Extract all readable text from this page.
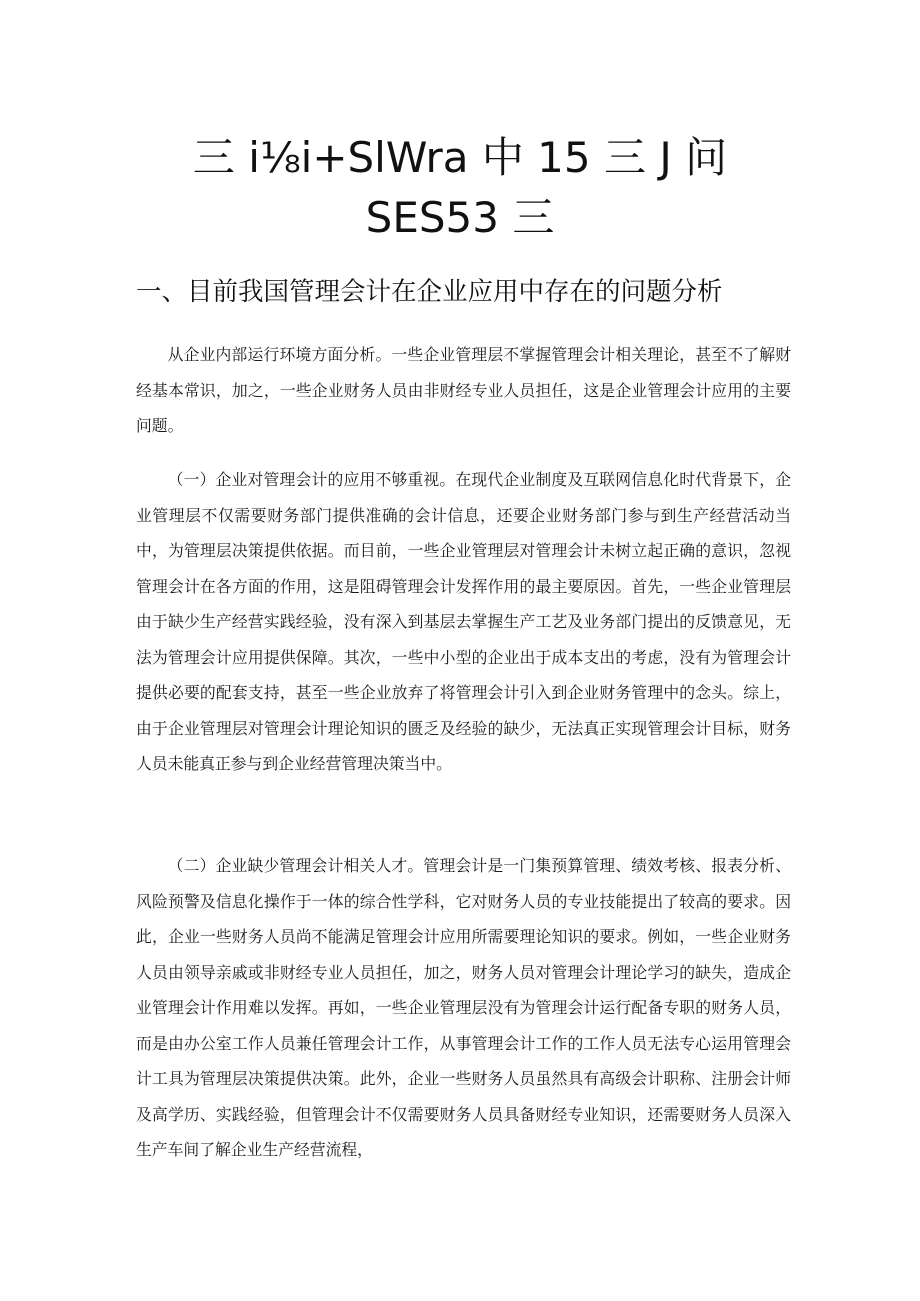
三 i⅛i+SlWra 中 15 三 J 问 SES53 三
一、目前我国管理会计在企业应用中存在的问题分析

从企业内部运行环境方面分析。一些企业管理层不掌握管理会计相关理论，甚至不了解财经基本常识，加之，一些企业财务人员由非财经专业人员担任，这是企业管理会计应用的主要问题。

（一）企业对管理会计的应用不够重视。在现代企业制度及互联网信息化时代背景下，企业管理层不仅需要财务部门提供准确的会计信息，还要企业财务部门参与到生产经营活动当中，为管理层决策提供依据。而目前，一些企业管理层对管理会计未树立起正确的意识，忽视管理会计在各方面的作用，这是阻碍管理会计发挥作用的最主要原因。首先，一些企业管理层由于缺少生产经营实践经验，没有深入到基层去掌握生产工艺及业务部门提出的反馈意见，无法为管理会计应用提供保障。其次，一些中小型的企业出于成本支出的考虑，没有为管理会计提供必要的配套支持，甚至一些企业放弃了将管理会计引入到企业财务管理中的念头。综上，由于企业管理层对管理会计理论知识的匮乏及经验的缺少，无法真正实现管理会计目标，财务人员未能真正参与到企业经营管理决策当中。

（二）企业缺少管理会计相关人才。管理会计是一门集预算管理、绩效考核、报表分析、风险预警及信息化操作于一体的综合性学科，它对财务人员的专业技能提出了较高的要求。因此，企业一些财务人员尚不能满足管理会计应用所需要理论知识的要求。例如，一些企业财务人员由领导亲戚或非财经专业人员担任，加之，财务人员对管理会计理论学习的缺失，造成企业管理会计作用难以发挥。再如，一些企业管理层没有为管理会计运行配备专职的财务人员，而是由办公室工作人员兼任管理会计工作，从事管理会计工作的工作人员无法专心运用管理会计工具为管理层决策提供决策。此外，企业一些财务人员虽然具有高级会计职称、注册会计师及高学历、实践经验，但管理会计不仅需要财务人员具备财经专业知识，还需要财务人员深入生产车间了解企业生产经营流程，
